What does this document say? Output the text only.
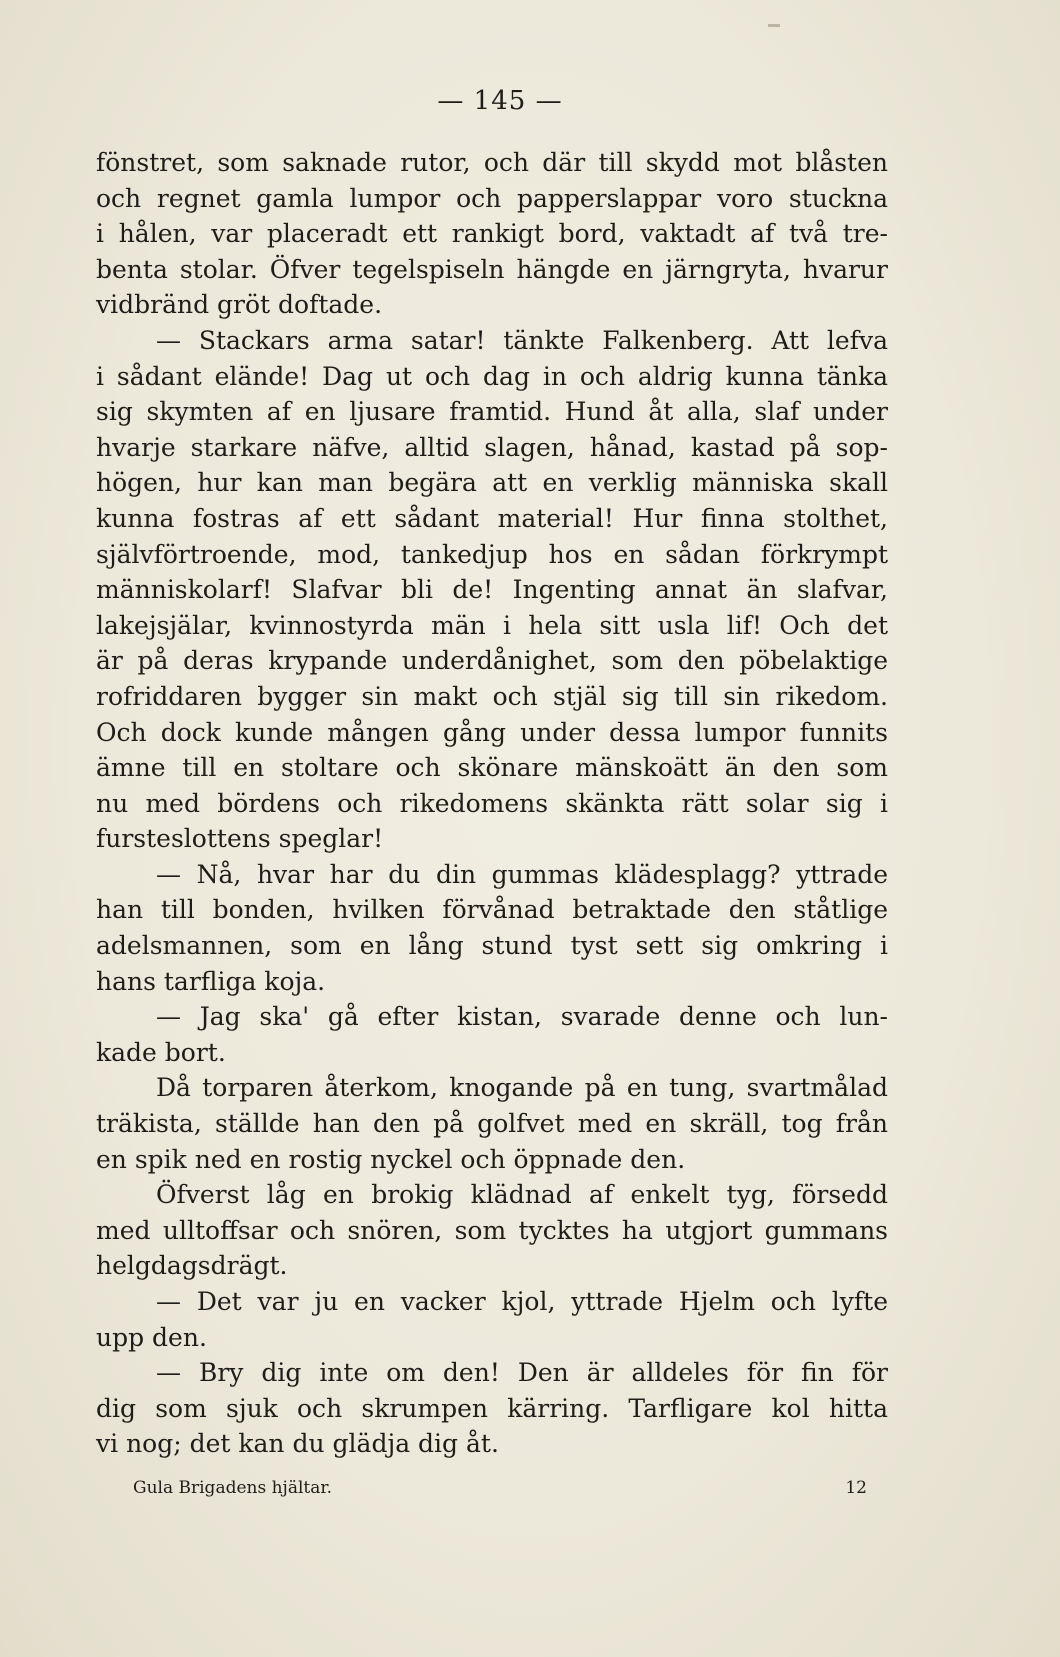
— 145 —
fönstret, som saknade rutor, och där till skydd mot blåsten
och regnet gamla lumpor och papperslappar voro stuckna
i hålen, var placeradt ett rankigt bord, vaktadt af två tre-
benta stolar. Öfver tegelspiseln hängde en järngryta, hvarur
vidbränd gröt doftade.
— Stackars arma satar! tänkte Falkenberg. Att lefva
i sådant elände! Dag ut och dag in och aldrig kunna tänka
sig skymten af en ljusare framtid. Hund åt alla, slaf under
hvarje starkare näfve, alltid slagen, hånad, kastad på sop-
högen, hur kan man begära att en verklig människa skall
kunna fostras af ett sådant material! Hur finna stolthet,
självförtroende, mod, tankedjup hos en sådan förkrympt
människolarf! Slafvar bli de! Ingenting annat än slafvar,
lakejsjälar, kvinnostyrda män i hela sitt usla lif! Och det
är på deras krypande underdånighet, som den pöbelaktige
rofriddaren bygger sin makt och stjäl sig till sin rikedom.
Och dock kunde mången gång under dessa lumpor funnits
ämne till en stoltare och skönare mänskoätt än den som
nu med bördens och rikedomens skänkta rätt solar sig i
fursteslottens speglar!
— Nå, hvar har du din gummas klädesplagg? yttrade
han till bonden, hvilken förvånad betraktade den ståtlige
adelsmannen, som en lång stund tyst sett sig omkring i
hans tarfliga koja.
— Jag ska' gå efter kistan, svarade denne och lun-
kade bort.
Då torparen återkom, knogande på en tung, svartmålad
träkista, ställde han den på golfvet med en skräll, tog från
en spik ned en rostig nyckel och öppnade den.
Öfverst låg en brokig klädnad af enkelt tyg, försedd
med ulltoffsar och snören, som tycktes ha utgjort gummans
helgdagsdrägt.
— Det var ju en vacker kjol, yttrade Hjelm och lyfte
upp den.
— Bry dig inte om den! Den är alldeles för fin för
dig som sjuk och skrumpen kärring. Tarfligare kol hitta
vi nog; det kan du glädja dig åt.
Gula Brigadens hjältar.	12
